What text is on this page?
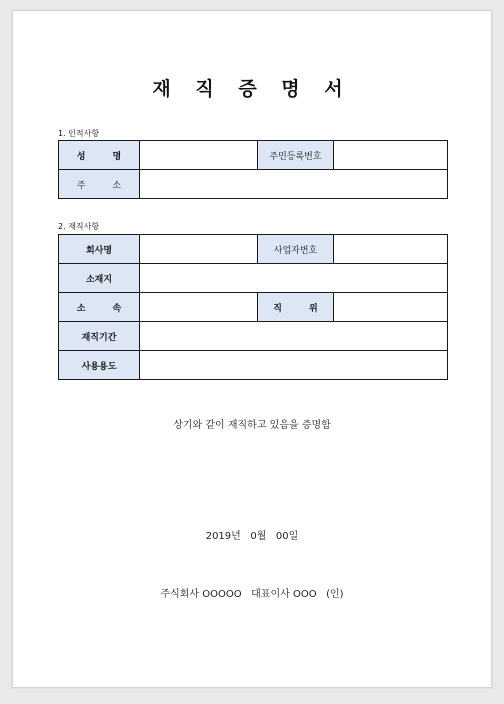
재 직 증 명 서
1. 인적사항
성 명		주민등록번호	
주 소			
2. 재직사항
회사명		사업자번호	
소재지			
소 속		직 위	
재직기간			
사용용도			
상기와 같이 재직하고 있음을 증명함
2019년   0월   00일
주식회사 OOOOO   대표이사 OOO   (인)
